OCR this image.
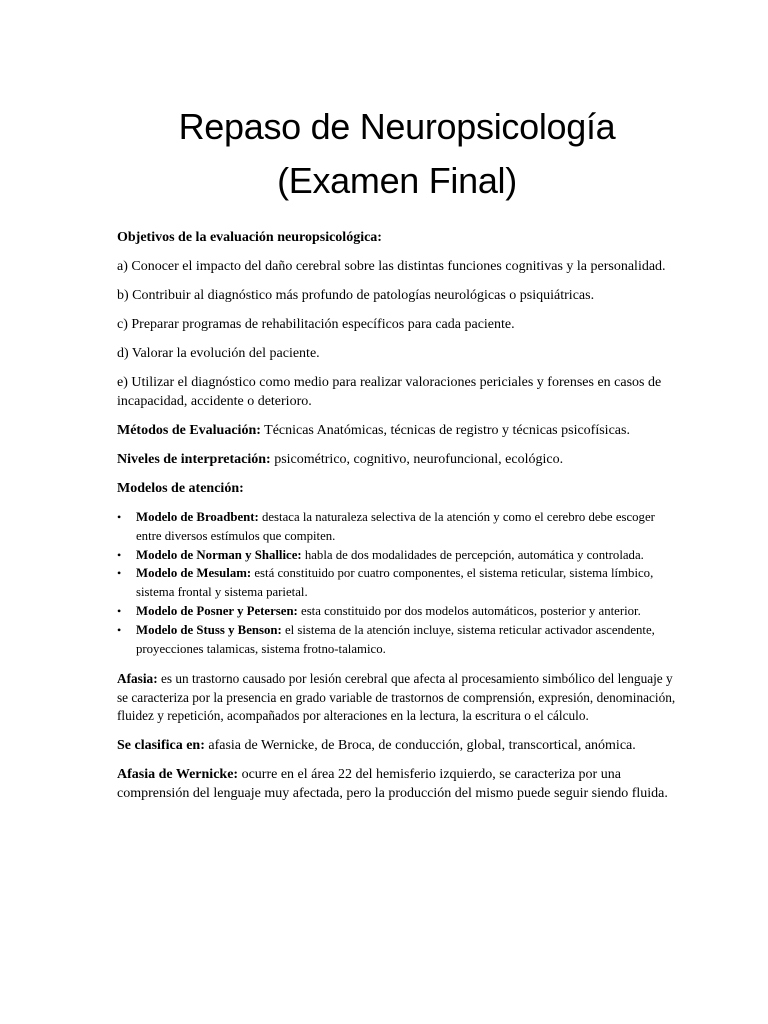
Repaso de Neuropsicología
(Examen Final)

Objetivos de la evaluación neuropsicológica:

a) Conocer el impacto del daño cerebral sobre las distintas funciones cognitivas y la personalidad.

b) Contribuir al diagnóstico más profundo de patologías neurológicas o psiquiátricas.

c) Preparar programas de rehabilitación específicos para cada paciente.

d) Valorar la evolución del paciente.

e) Utilizar el diagnóstico como medio para realizar valoraciones periciales y forenses en casos de incapacidad, accidente o deterioro.

Métodos de Evaluación: Técnicas Anatómicas, técnicas de registro y técnicas psicofísicas.

Niveles de interpretación: psicométrico, cognitivo, neurofuncional, ecológico.

Modelos de atención:

• Modelo de Broadbent: destaca la naturaleza selectiva de la atención y como el cerebro debe escoger entre diversos estímulos que compiten.
• Modelo de Norman y Shallice: habla de dos modalidades de percepción, automática y controlada.
• Modelo de Mesulam: está constituido por cuatro componentes, el sistema reticular, sistema límbico, sistema frontal y sistema parietal.
• Modelo de Posner y Petersen: esta constituido por dos modelos automáticos, posterior y anterior.
• Modelo de Stuss y Benson: el sistema de la atención incluye, sistema reticular activador ascendente, proyecciones talamicas, sistema frotno-talamico.

Afasia: es un trastorno causado por lesión cerebral que afecta al procesamiento simbólico del lenguaje y se caracteriza por la presencia en grado variable de trastornos de comprensión, expresión, denominación, fluidez y repetición, acompañados por alteraciones en la lectura, la escritura o el cálculo.

Se clasifica en: afasia de Wernicke, de Broca, de conducción, global, transcortical, anómica.

Afasia de Wernicke: ocurre en el área 22 del hemisferio izquierdo, se caracteriza por una comprensión del lenguaje muy afectada, pero la producción del mismo puede seguir siendo fluida.
